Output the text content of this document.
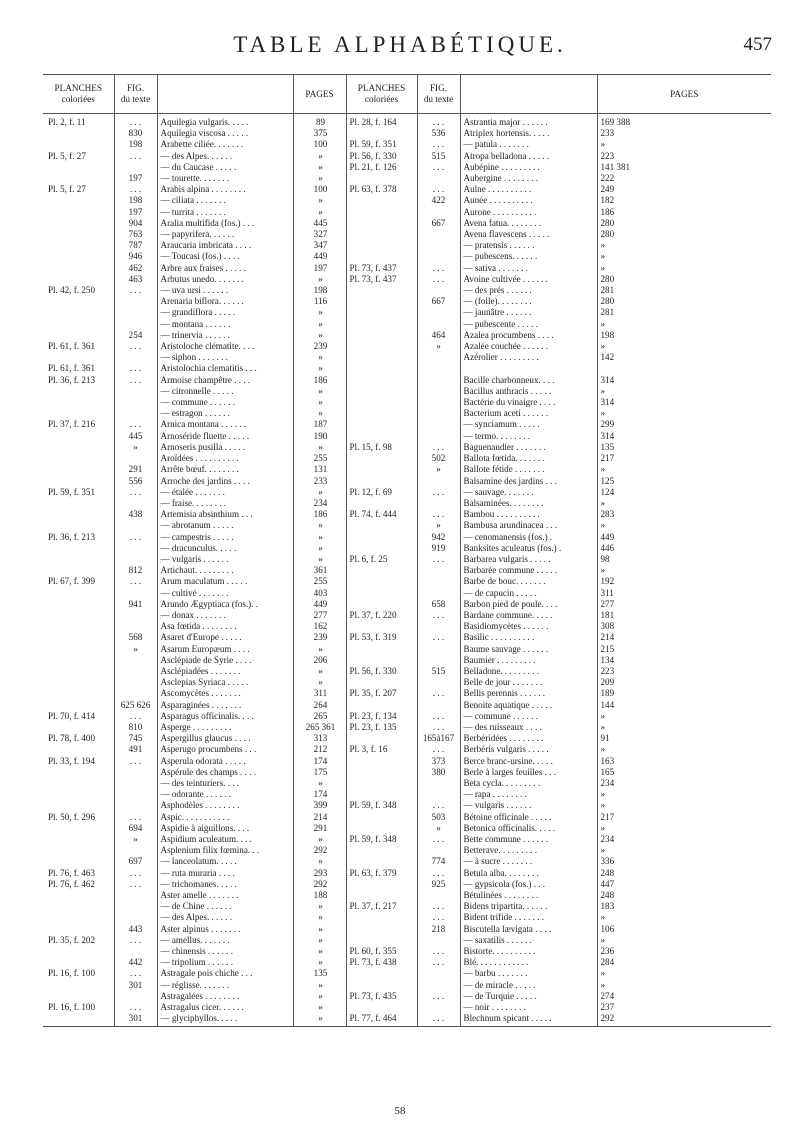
TABLE ALPHABÉTIQUE.	457
PLANCHES
coloriées	FIG.
du texte		PAGES	PLANCHES
coloriées	FIG.
du texte		PAGES
Pl. 2, f. 11	. . .	Aquilegia vulgaris. . . . .	89	Pl. 28, f. 164	. . .	Astrantia major . . . . . .	169 388
	830	Aquilegia viscosa . . . . .	375		536	Atriplex hortensis. . . . .	233
	198	Arabette ciliée. . . . . . .	100	Pl. 59, f. 351	. . .	— patula . . . . . . .	»
Pl. 5, f. 27	. . .	— des Alpes. . . . . .	»	Pl. 56, f. 330	515	Atropa belladona . . . . .	223
		— du Caucase . . . . .	»	Pl. 21, f. 126	. . .	Aubépine . . . . . . . . .	141 381
	197	— tourette. . . . . . .	»			Aubergine . . . . . . . .	222
Pl. 5, f. 27	. . .	Arabis alpina . . . . . . . .	100	Pl. 63, f. 378	. . .	Aulne . . . . . . . . . .	249
	198	— ciliata . . . . . . .	»		422	Aunée . . . . . . . . . .	182
	197	— turrita . . . . . . .	»			Aurone . . . . . . . . . .	186
	904	Aralia multifida (fos.) . . .	445		667	Avena fatua. . . . . . . .	280
	763	— papyrifera. . . . . .	327			Avena flavescens . . . . .	280
	787	Araucaria imbricata . . . .	347			— pratensis . . . . . .	»
	946	— Toucasi (fos.) . . . .	449			— pubescens. . . . . .	»
	462	Arbre aux fraises . . . . .	197	Pl. 73, f. 437	. . .	— sativa . . . . . . .	»
	463	Arbutus unedo. . . . . . .	»	Pl. 73, f. 437	. . .	Avoine cultivée . . . . . .	280
Pl. 42, f. 250	. . .	— uva ursi . . . . . .	198			— des prés . . . . . .	281
		Arenaria biflora. . . . . .	116		667	— (folle). . . . . . . .	280
		— grandiflora . . . . .	»			— jaunâtre . . . . . .	281
		— montana . . . . . .	»			— pubescente . . . . .	»
	254	— trinervia . . . . . .	»		464	Azalea procumbens . . . .	198
Pl. 61, f. 361	. . .	Aristoloche clématite. . . .	239		»	Azalée couchée . . . . . .	»
		— siphon . . . . . . .	»			Azérolier . . . . . . . . .	142
Pl. 61, f. 361	. . .	Aristolochia clematitis . . .	»				
Pl. 36, f. 213	. . .	Armoise champêtre . . . .	186			Bacille charbonneux. . . .	314
		— citronnelle . . . . .	»			Bacillus anthracis . . . . .	»
		— commune . . . . . .	»			Bactérie du vinaigre . . . .	314
		— estragon . . . . . .	»			Bacterium aceti . . . . . .	»
Pl. 37, f. 216	. . .	Arnica montana . . . . . .	187			— synciamum . . . . .	299
	445	Arnoséride fluette . . . . .	190			— termo. . . . . . . .	314
	»	Arnoseris pusilla . . . . .	»	Pl. 15, f. 98	. . .	Baguenaudier . . . . . . .	135
		Aroïdées . . . . . . . . . .	255		502	Ballota fœtida. . . . . . .	217
	291	Arrête bœuf. . . . . . . .	131		»	Ballote fétide . . . . . . .	»
	556	Arroche des jardins . . . .	233			Balsamine des jardins . . .	125
Pl. 59, f. 351	. . .	— étalée . . . . . . .	»	Pl. 12, f. 69	. . .	— sauvage. . . . . . .	124
		— fraise. . . . . . . .	234			Balsaminées. . . . . . . .	»
	438	Artemisia absinthium . . .	186	Pl. 74, f. 444	. . .	Bambou . . . . . . . . . .	283
		— abrotanum . . . . .	»		»	Bambusa arundinacea . . .	»
Pl. 36, f. 213	. . .	— campestris . . . . .	»		942	— cenomanensis (fos.) .	449
		— dracunculus. . . . .	»		919	Banksites aculeatus (fos.) .	446
		— vulgaris . . . . . .	»	Pl. 6, f. 25	. . .	Barbarea vulgaris . . . . .	98
	812	Artichaut. . . . . . . . .	361			Barbarée commune . . . . .	»
Pl. 67, f. 399	. . .	Arum maculatum . . . . .	255			Barbe de bouc. . . . . . .	192
		— cultivé . . . . . . .	403			— de capucin . . . . .	311
	941	Arundo Ægyptiaca (fos.). .	449		658	Barbon pied de poule. . . .	277
		— donax . . . . . . .	277	Pl. 37, f. 220	. . .	Bardane commune. . . . .	181
		Asa fœtida . . . . . . . .	162			Basidiomycètes . . . . . .	308
	568	Asaret d'Europe . . . . .	239	Pl. 53, f. 319	. . .	Basilic . . . . . . . . . .	214
	»	Asarum Europæum . . . .	»			Baume sauvage . . . . . .	215
		Asclépiade de Syrie . . . .	206			Baumier . . . . . . . . .	134
		Asclépiadées . . . . . . .	»	Pl. 56, f. 330	515	Belladone. . . . . . . . .	223
		Asclepias Syriaca . . . . .	»			Belle de jour . . . . . . .	209
		Ascomycètes . . . . . . .	311	Pl. 35, f. 207	. . .	Bellis perennis . . . . . .	189
	625 626	Asparaginées . . . . . . .	264			Benoite aquatique . . . . .	144
Pl. 70, f. 414	. . .	Asparagus officinalis. . . .	265	Pl. 23, f. 134	. . .	— commune . . . . . .	»
	810	Asperge . . . . . . . . .	265 361	Pl. 23, f. 135	. . .	— des ruisseaux . . . .	»
Pl. 78, f. 400	745	Aspergillus glaucus . . . .	313		165à167	Berbéridées . . . . . . . .	91
	491	Asperugo procumbens . . .	212	Pl. 3, f. 16	. . .	Berbéris vulgaris . . . . .	»
Pl. 33, f. 194	. . .	Asperula odorata . . . . .	174		373	Berce branc-ursine. . . . .	163
		Aspérule des champs . . . .	175		380	Berle à larges feuilles . . .	165
		— des teinturiers. . . .	»			Beta cycla. . . . . . . . .	234
		— odorante . . . . . .	174			— rapa . . . . . . . .	»
		Asphodèles . . . . . . . .	399	Pl. 59, f. 348	. . .	— vulgaris . . . . . .	»
Pl. 50, f. 296	. . .	Aspic. . . . . . . . . . .	214		503	Bétoine officinale . . . . .	217
	694	Aspidie à aiguillons. . . .	291		»	Betonica officinalis. . . . .	»
	»	Aspidium aculeatum. . . .	»	Pl. 59, f. 348	. . .	Bette commune . . . . . .	234
		Asplenium filix fœmina. . .	292			Betterave. . . . . . . . .	»
	697	— lanceolatum. . . . .	»		774	— à sucre . . . . . . .	336
Pl. 76, f. 463	. . .	— ruta muraria . . . .	293	Pl. 63, f. 379	. . .	Betula alba. . . . . . . .	248
Pl. 76, f. 462	. . .	— trichomanes. . . . .	292		925	— gypsicola (fos.) . . .	447
		Aster amelle . . . . . . .	188			Bétulinées . . . . . . . .	248
		— de Chine . . . . . .	»	Pl. 37, f. 217	. . .	Bidens tripartita. . . . . .	183
		— des Alpes. . . . . .	»		. . .	Bident trifide . . . . . . .	»
	443	Aster alpinus . . . . . . .	»		218	Biscutella lævigata . . . .	106
Pl. 35, f. 202	. . .	— amellus. . . . . . .	»			— saxatilis . . . . . .	»
		— chinensis . . . . . .	»	Pl. 60, f. 355	. . .	Bistorte. . . . . . . . . .	236
	442	— tripolium . . . . . .	»	Pl. 73, f. 438	. . .	Blé. . . . . . . . . . . .	284
Pl. 16, f. 100	. . .	Astragale pois chiche . . .	135			— barbu . . . . . . .	»
	301	— réglisse. . . . . . .	»			— de miracle . . . . .	»
		Astragalées . . . . . . . .	»	Pl. 73, f. 435	. . .	— de Turquie . . . . .	274
Pl. 16, f. 100	. . .	Astragalus cicer. . . . . .	»			— noir . . . . . . . .	237
	301	— glyciphyllos. . . . .	»	Pl. 77, f. 464	. . .	Blechnum spicant . . . . .	292
58
